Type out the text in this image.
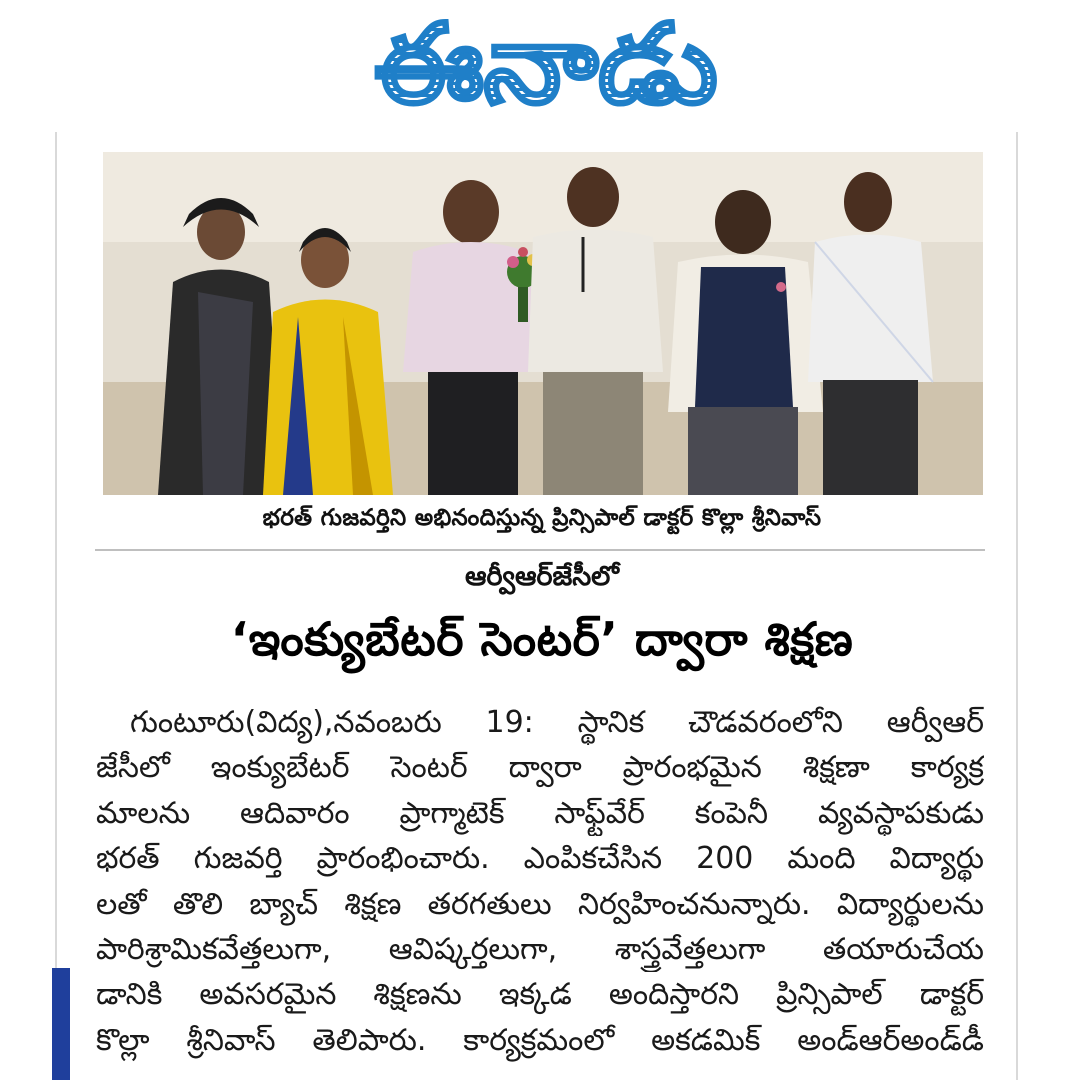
ఈనాడు
భరత్ గుజవర్తిని అభినందిస్తున్న ప్రిన్సిపాల్ డాక్టర్ కొల్లా శ్రీనివాస్
ఆర్వీఆర్‌జేసీలో
‘ఇంక్యుబేటర్ సెంటర్’ ద్వారా శిక్షణ
గుంటూరు(విద్య),నవంబరు 19: స్థానిక చౌడవరంలోని ఆర్వీఆర్
జేసీలో ఇంక్యుబేటర్ సెంటర్ ద్వారా ప్రారంభమైన శిక్షణా కార్యక్ర
మాలను ఆదివారం ప్రాగ్మాటెక్ సాఫ్ట్‌వేర్ కంపెనీ వ్యవస్థాపకుడు
భరత్ గుజవర్తి ప్రారంభించారు. ఎంపికచేసిన 200 మంది విద్యార్థు
లతో తొలి బ్యాచ్ శిక్షణ తరగతులు నిర్వహించనున్నారు. విద్యార్థులను
పారిశ్రామికవేత్తలుగా, ఆవిష్కర్తలుగా, శాస్త్రవేత్తలుగా తయారుచేయ
డానికి అవసరమైన శిక్షణను ఇక్కడ అందిస్తారని ప్రిన్సిపాల్ డాక్టర్
కొల్లా శ్రీనివాస్ తెలిపారు. కార్యక్రమంలో అకడమిక్ అండ్‌ఆర్‌అండ్‌డీ
